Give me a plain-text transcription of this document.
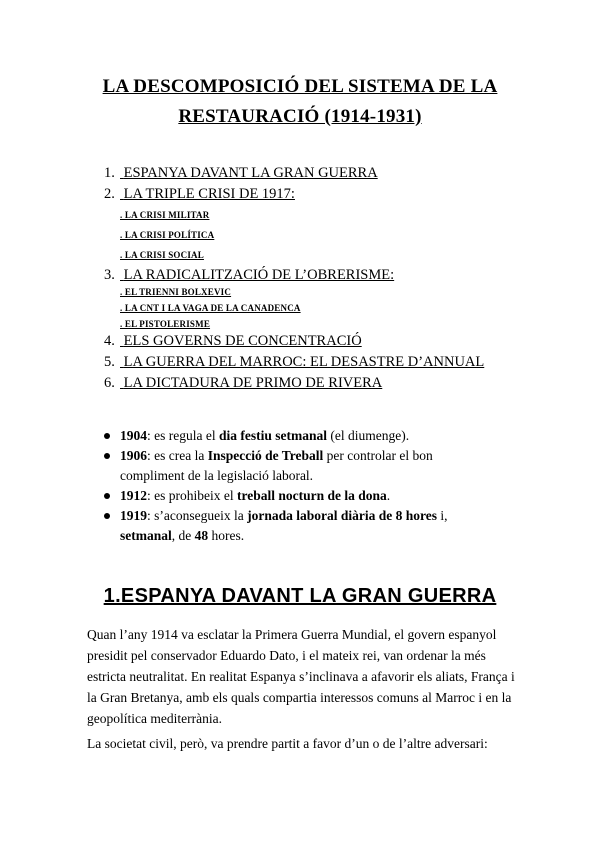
LA DESCOMPOSICIÓ DEL SISTEMA DE LA
RESTAURACIÓ (1914-1931)
1. ESPANYA DAVANT LA GRAN GUERRA
2. LA TRIPLE CRISI DE 1917:
. LA CRISI MILITAR
. LA CRISI POLÍTICA
. LA CRISI SOCIAL
3. LA RADICALITZACIÓ DE L’OBRERISME:
. EL TRIENNI BOLXEVIC
. LA CNT I LA VAGA DE LA CANADENCA
. EL PISTOLERISME
4. ELS GOVERNS DE CONCENTRACIÓ
5. LA GUERRA DEL MARROC: EL DESASTRE D’ANNUAL
6. LA DICTADURA DE PRIMO DE RIVERA
1904: es regula el dia festiu setmanal (el diumenge).
1906: es crea la Inspecció de Treball per controlar el bon compliment de la legislació laboral.
1912: es prohibeix el treball nocturn de la dona.
1919: s’aconsegueix la jornada laboral diària de 8 hores i, setmanal, de 48 hores.
1.ESPANYA DAVANT LA GRAN GUERRA

Quan l’any 1914 va esclatar la Primera Guerra Mundial, el govern espanyol presidit pel conservador Eduardo Dato, i el mateix rei, van ordenar la més estricta neutralitat. En realitat Espanya s’inclinava a afavorir els aliats, França i la Gran Bretanya, amb els quals compartia interessos comuns al Marroc i en la geopolítica mediterrània.

La societat civil, però, va prendre partit a favor d’un o de l’altre adversari:
